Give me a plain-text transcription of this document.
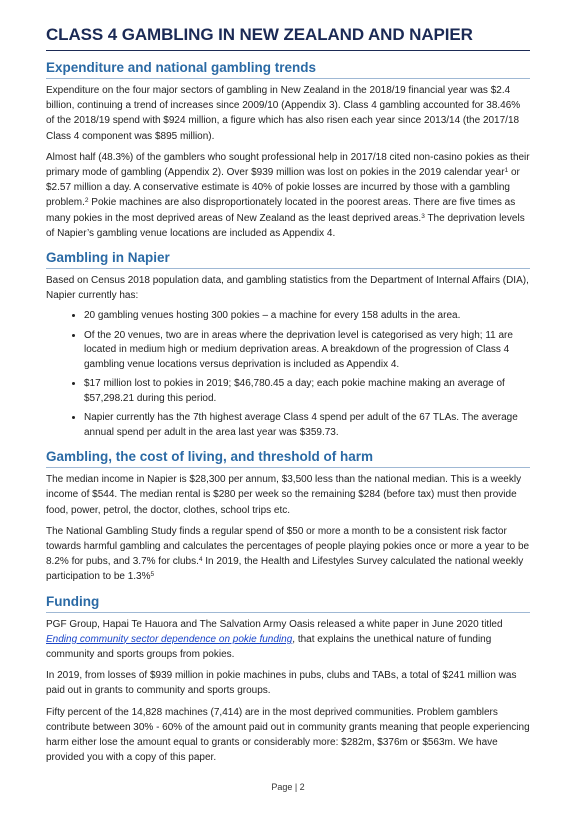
CLASS 4 GAMBLING IN NEW ZEALAND AND NAPIER
Expenditure and national gambling trends

Expenditure on the four major sectors of gambling in New Zealand in the 2018/19 financial year was $2.4 billion, continuing a trend of increases since 2009/10 (Appendix 3). Class 4 gambling accounted for 38.46% of the 2018/19 spend with $924 million, a figure which has also risen each year since 2013/14 (the 2017/18 Class 4 component was $895 million).

Almost half (48.3%) of the gamblers who sought professional help in 2017/18 cited non-casino pokies as their primary mode of gambling (Appendix 2). Over $939 million was lost on pokies in the 2019 calendar year$^1$ or $2.57 million a day. A conservative estimate is 40% of pokie losses are incurred by those with a gambling problem.$^2$ Pokie machines are also disproportionately located in the poorest areas. There are five times as many pokies in the most deprived areas of New Zealand as the least deprived areas.$^3$ The deprivation levels of Napier’s gambling venue locations are included as Appendix 4.

Gambling in Napier

Based on Census 2018 population data, and gambling statistics from the Department of Internal Affairs (DIA), Napier currently has:

• 20 gambling venues hosting 300 pokies – a machine for every 158 adults in the area.
• Of the 20 venues, two are in areas where the deprivation level is categorised as very high; 11 are located in medium high or medium deprivation areas. A breakdown of the progression of Class 4 gambling venue locations versus deprivation is included as Appendix 4.
• $17 million lost to pokies in 2019; $46,780.45 a day; each pokie machine making an average of $57,298.21 during this period.
• Napier currently has the 7th highest average Class 4 spend per adult of the 67 TLAs. The average annual spend per adult in the area last year was $359.73.
Gambling, the cost of living, and threshold of harm

The median income in Napier is $28,300 per annum, $3,500 less than the national median. This is a weekly income of $544. The median rental is $280 per week so the remaining $284 (before tax) must then provide food, power, petrol, the doctor, clothes, school trips etc.

The National Gambling Study finds a regular spend of $50 or more a month to be a consistent risk factor towards harmful gambling and calculates the percentages of people playing pokies once or more a year to be 8.2% for pubs, and 3.7% for clubs.$^4$ In 2019, the Health and Lifestyles Survey calculated the national weekly participation to be 1.3%$^5$

Funding

PGF Group, Hapai Te Hauora and The Salvation Army Oasis released a white paper in June 2020 titled Ending community sector dependence on pokie funding, that explains the unethical nature of funding community and sports groups from pokies.

In 2019, from losses of $939 million in pokie machines in pubs, clubs and TABs, a total of $241 million was paid out in grants to community and sports groups.

Fifty percent of the 14,828 machines (7,414) are in the most deprived communities. Problem gamblers contribute between 30% - 60% of the amount paid out in community grants meaning that people experiencing harm either lose the amount equal to grants or considerably more: $282m, $376m or $563m. We have provided you with a copy of this paper.

Page | 2
